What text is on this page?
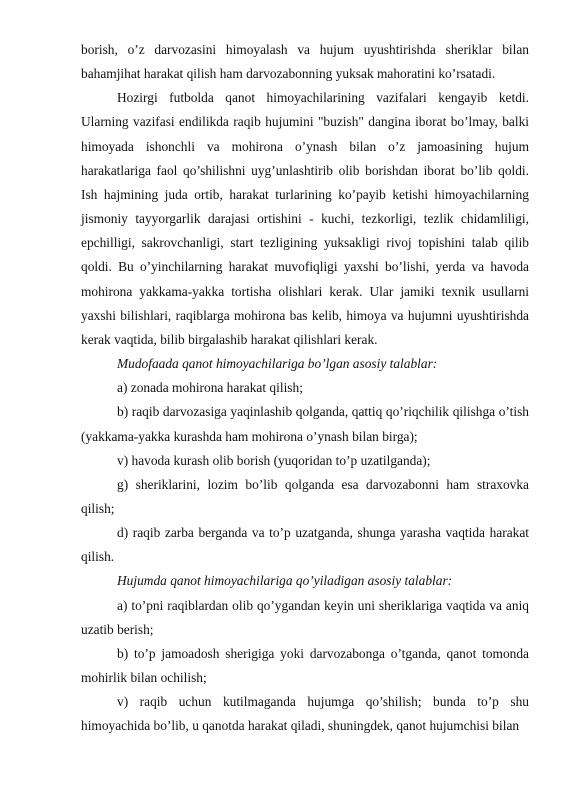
borish, o’z darvozasini himoyalash va hujum uyushtirishda sheriklar bilan bahamjihat harakat qilish ham darvozabonning yuksak mahoratini ko’rsatadi.

Hozirgi futbolda qanot himoyachilarining vazifalari kengayib ketdi. Ularning vazifasi endilikda raqib hujumini "buzish" dangina iborat bo’lmay, balki himoyada ishonchli va mohirona o’ynash bilan o’z jamoasining hujum harakatlariga faol qo’shilishni uyg’unlashtirib olib borishdan iborat bo’lib qoldi. Ish hajmining juda ortib, harakat turlarining ko’payib ketishi himoyachilarning jismoniy tayyorgarlik darajasi ortishini - kuchi, tezkorligi, tezlik chidamliligi, epchilligi, sakrovchanligi, start tezligining yuksakligi rivoj topishini talab qilib qoldi. Bu o’yinchilarning harakat muvofiqligi yaxshi bo’lishi, yerda va havoda mohirona yakkama-yakka tortisha olishlari kerak. Ular jamiki texnik usullarni yaxshi bilishlari, raqiblarga mohirona bas kelib, himoya va hujumni uyushtirishda kerak vaqtida, bilib birgalashib harakat qilishlari kerak.

Mudofaada qanot himoyachilariga bo’lgan asosiy talablar:

a) zonada mohirona harakat qilish;

b) raqib darvozasiga yaqinlashib qolganda, qattiq qo’riqchilik qilishga o’tish (yakkama-yakka kurashda ham mohirona o’ynash bilan birga);

v) havoda kurash olib borish (yuqoridan to’p uzatilganda);

g) sheriklarini, lozim bo’lib qolganda esa darvozabonni ham straxovka qilish;

d) raqib zarba berganda va to’p uzatganda, shunga yarasha vaqtida harakat qilish.

Hujumda qanot himoyachilariga qo’yiladigan asosiy talablar:

a) to’pni raqiblardan olib qo’ygandan keyin uni sheriklariga vaqtida va aniq uzatib berish;

b) to’p jamoadosh sherigiga yoki darvozabonga o’tganda, qanot tomonda mohirlik bilan ochilish;

v) raqib uchun kutilmaganda hujumga qo’shilish; bunda to’p shu himoyachida bo’lib, u qanotda harakat qiladi, shuningdek, qanot hujumchisi bilan
